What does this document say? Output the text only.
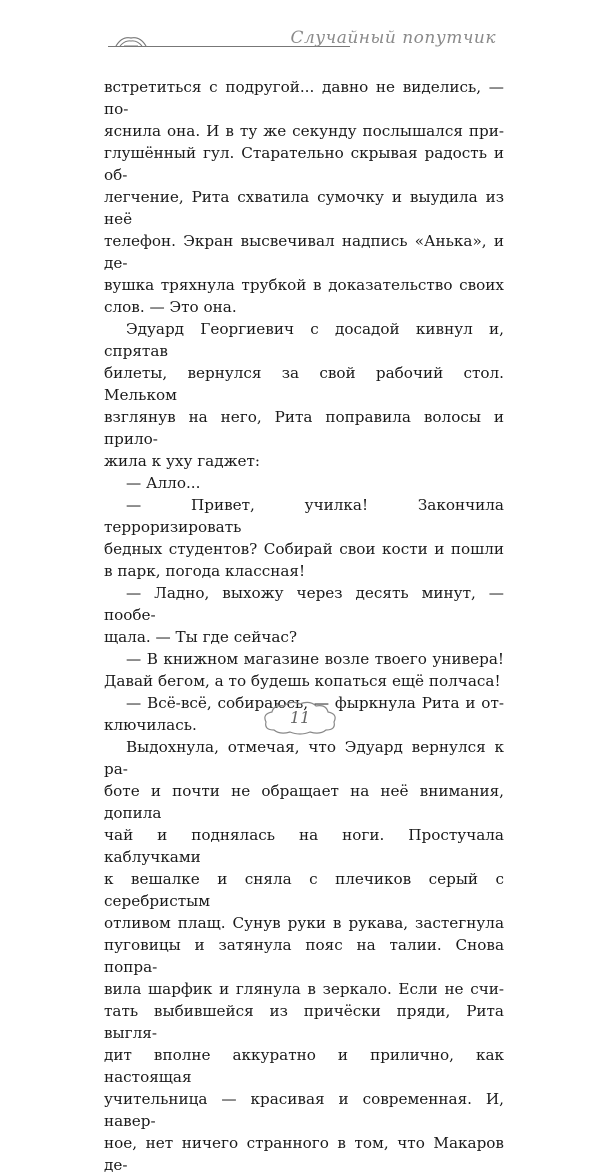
Случайный попутчик

встретиться с подругой... давно не виделись, — по-

яснила она. И в ту же секунду послышался при-

глушённый гул. Старательно скрывая радость и об-

легчение, Рита схватила сумочку и выудила из неё

телефон. Экран высвечивал надпись «Анька», и де-

вушка тряхнула трубкой в доказательство своих

слов. — Это она.

Эдуард Георгиевич с досадой кивнул и, спрятав

билеты, вернулся за свой рабочий стол. Мельком

взглянув на него, Рита поправила волосы и прило-

жила к уху гаджет:

— Алло...

— Привет, училка! Закончила терроризировать

бедных студентов? Собирай свои кости и пошли

в парк, погода классная!

— Ладно, выхожу через десять минут, — пообе-

щала. — Ты где сейчас?

— В книжном магазине возле твоего универа!

Давай бегом, а то будешь копаться ещё полчаса!

— Всё-всё, собираюсь, — фыркнула Рита и от-

ключилась.

Выдохнула, отмечая, что Эдуард вернулся к ра-

боте и почти не обращает на неё внимания, допила

чай и поднялась на ноги. Простучала каблучками

к вешалке и сняла с плечиков серый с серебристым

отливом плащ. Сунув руки в рукава, застегнула

пуговицы и затянула пояс на талии. Снова попра-

вила шарфик и глянула в зеркало. Если не счи-

тать выбившейся из причёски пряди, Рита выгля-

дит вполне аккуратно и прилично, как настоящая

учительница — красивая и современная. И, навер-

ное, нет ничего странного в том, что Макаров де-

11
